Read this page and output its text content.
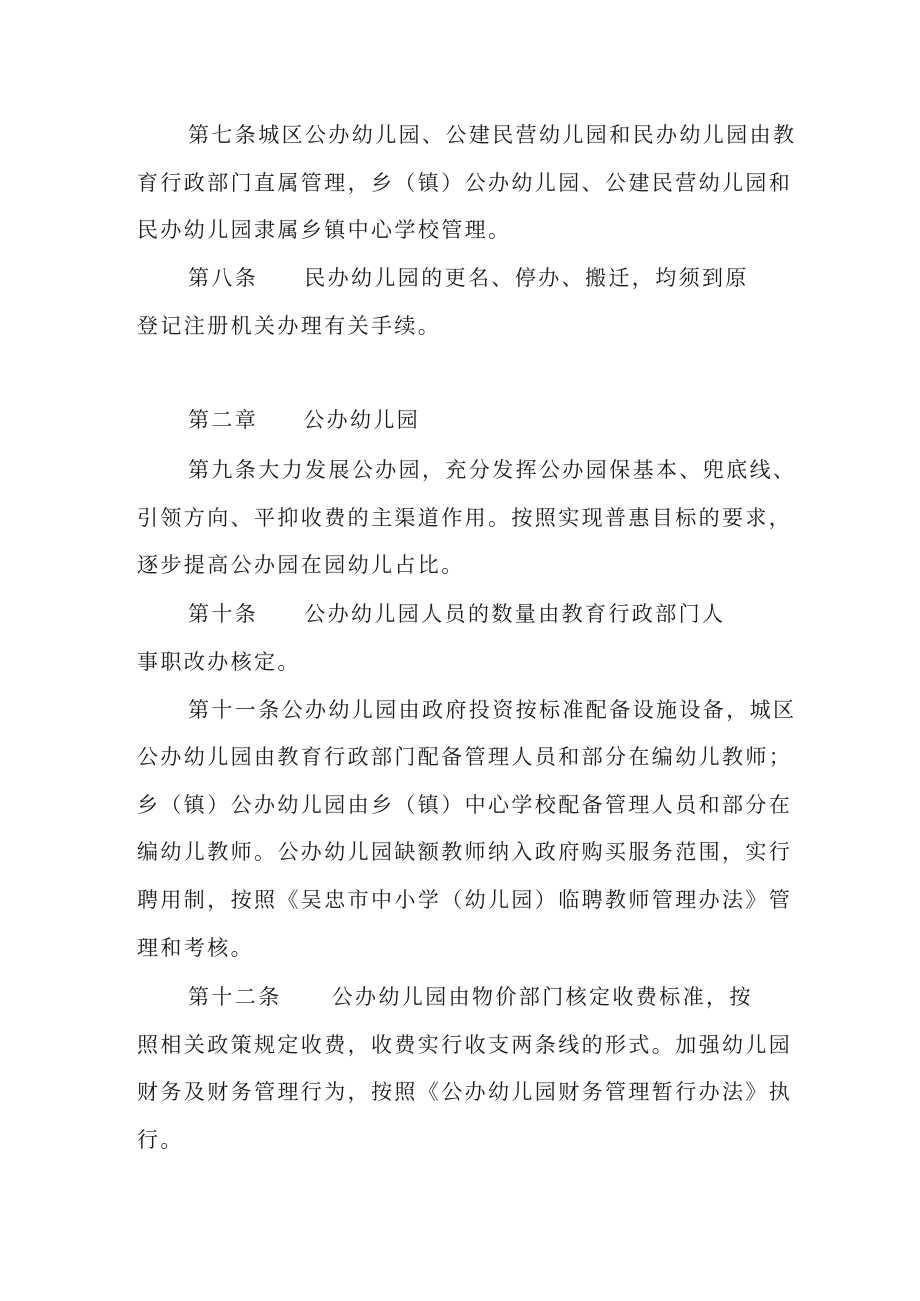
第七条城区公办幼儿园、公建民营幼儿园和民办幼儿园由教
育行政部门直属管理，乡（镇）公办幼儿园、公建民营幼儿园和
民办幼儿园隶属乡镇中心学校管理。
第八条 民办幼儿园的更名、停办、搬迁，均须到原
登记注册机关办理有关手续。
第二章 公办幼儿园
第九条大力发展公办园，充分发挥公办园保基本、兜底线、
引领方向、平抑收费的主渠道作用。按照实现普惠目标的要求，
逐步提高公办园在园幼儿占比。
第十条 公办幼儿园人员的数量由教育行政部门人
事职改办核定。
第十一条公办幼儿园由政府投资按标准配备设施设备，城区
公办幼儿园由教育行政部门配备管理人员和部分在编幼儿教师；
乡（镇）公办幼儿园由乡（镇）中心学校配备管理人员和部分在
编幼儿教师。公办幼儿园缺额教师纳入政府购买服务范围，实行
聘用制，按照《吴忠市中小学（幼儿园）临聘教师管理办法》管
理和考核。
第十二条 公办幼儿园由物价部门核定收费标准，按
照相关政策规定收费，收费实行收支两条线的形式。加强幼儿园
财务及财务管理行为，按照《公办幼儿园财务管理暂行办法》执
行。
